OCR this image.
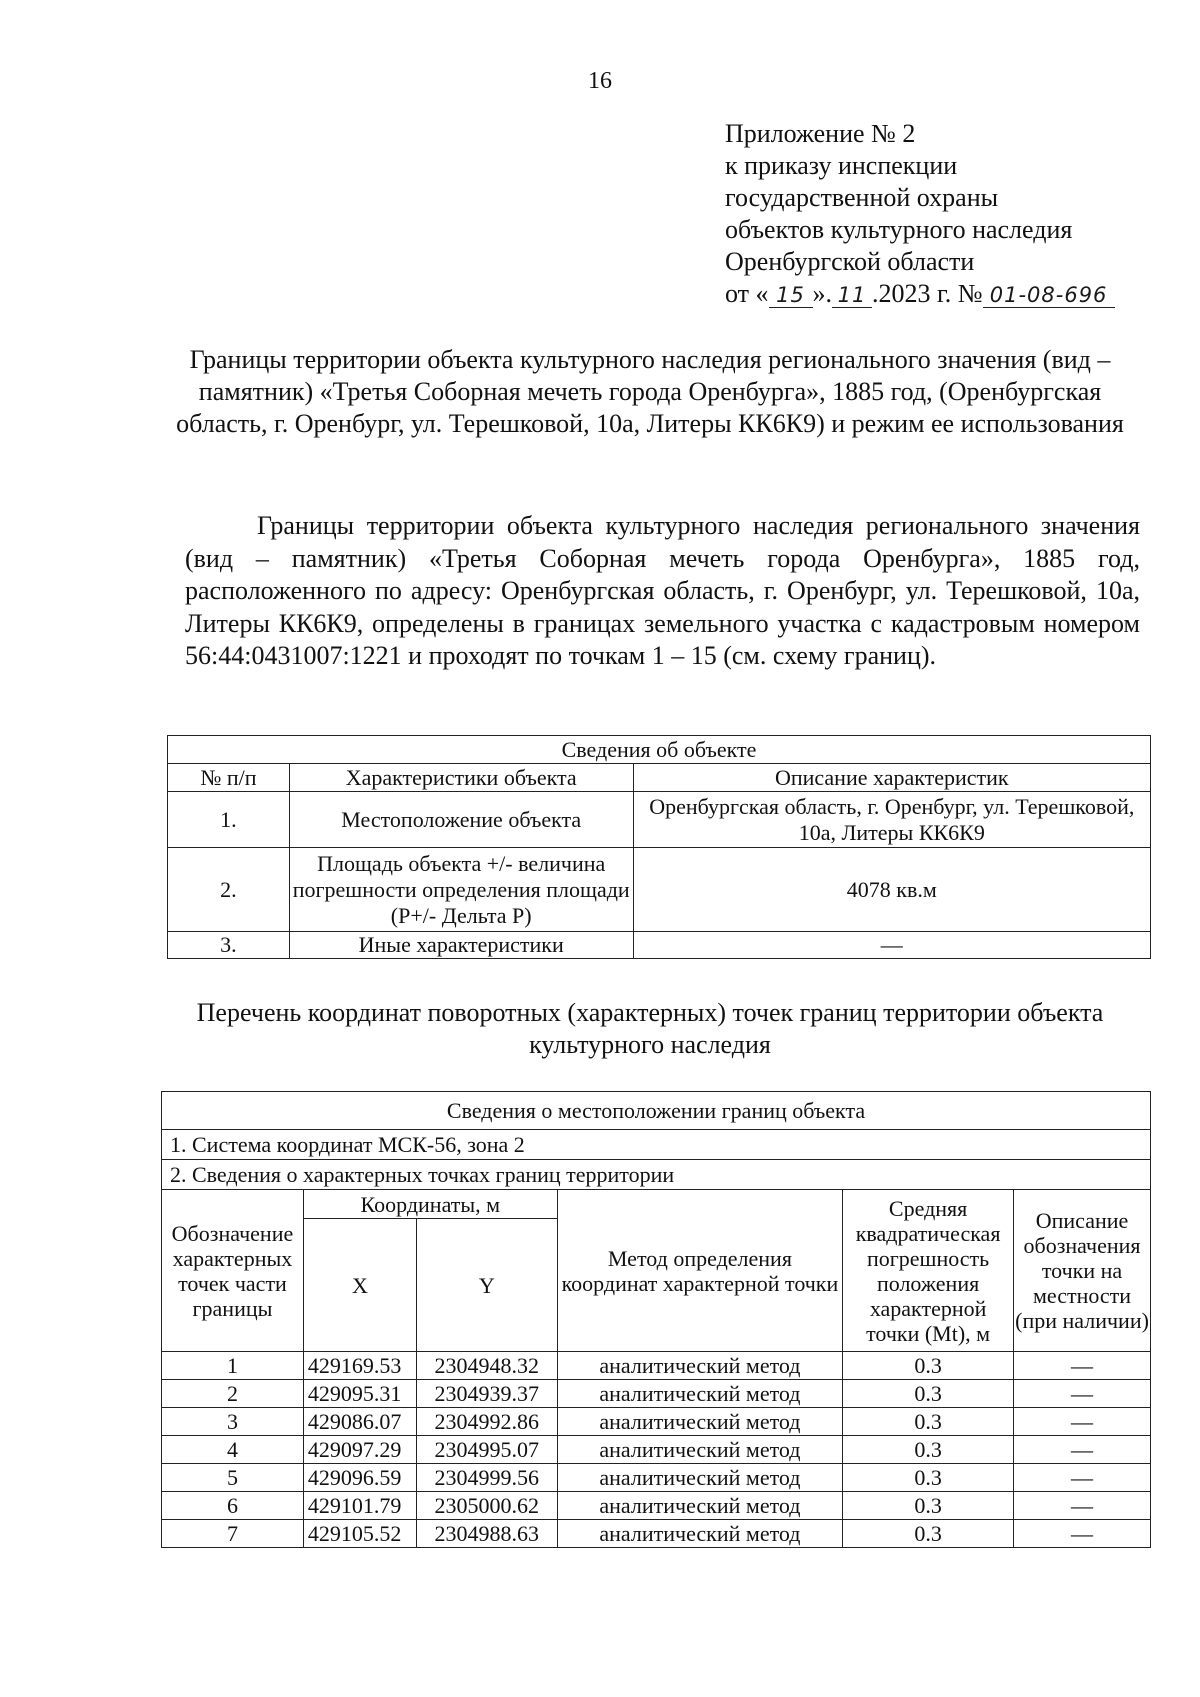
16
Приложение № 2
к приказу инспекции
государственной охраны
объектов культурного наследия
Оренбургской области
от « 15 ». 11 .2023 г. № 01-08-696
Границы территории объекта культурного наследия регионального значения (вид – памятник) «Третья Соборная мечеть города Оренбурга», 1885 год, (Оренбургская область, г. Оренбург, ул. Терешковой, 10а, Литеры КК6К9) и режим ее использования
Границы территории объекта культурного наследия регионального значения (вид – памятник) «Третья Соборная мечеть города Оренбурга», 1885 год, расположенного по адресу: Оренбургская область, г. Оренбург, ул. Терешковой, 10а, Литеры КК6К9, определены в границах земельного участка с кадастровым номером 56:44:0431007:1221 и проходят по точкам 1 – 15 (см. схему границ).
Сведения об объекте		
№ п/п	Характеристики объекта	Описание характеристик
1.	Местоположение объекта	Оренбургская область, г. Оренбург, ул. Терешковой, 10а, Литеры КК6К9
2.	Площадь объекта +/- величина погрешности определения площади (Р+/- Дельта Р)	4078 кв.м
3.	Иные характеристики	—
Перечень координат поворотных (характерных) точек границ территории объекта культурного наследия
Сведения о местоположении границ объекта					
1. Система координат МСК-56, зона 2					
2. Сведения о характерных точках границ территории					
Обозначение характерных точек части границы	Координаты, м		Метод определения координат характерной точки	Средняя квадратическая погрешность положения характерной точки (Mt), м	Описание обозначения точки на местности (при наличии)
	X	Y			
1	429169.53	2304948.32	аналитический метод	0.3	—
2	429095.31	2304939.37	аналитический метод	0.3	—
3	429086.07	2304992.86	аналитический метод	0.3	—
4	429097.29	2304995.07	аналитический метод	0.3	—
5	429096.59	2304999.56	аналитический метод	0.3	—
6	429101.79	2305000.62	аналитический метод	0.3	—
7	429105.52	2304988.63	аналитический метод	0.3	—
